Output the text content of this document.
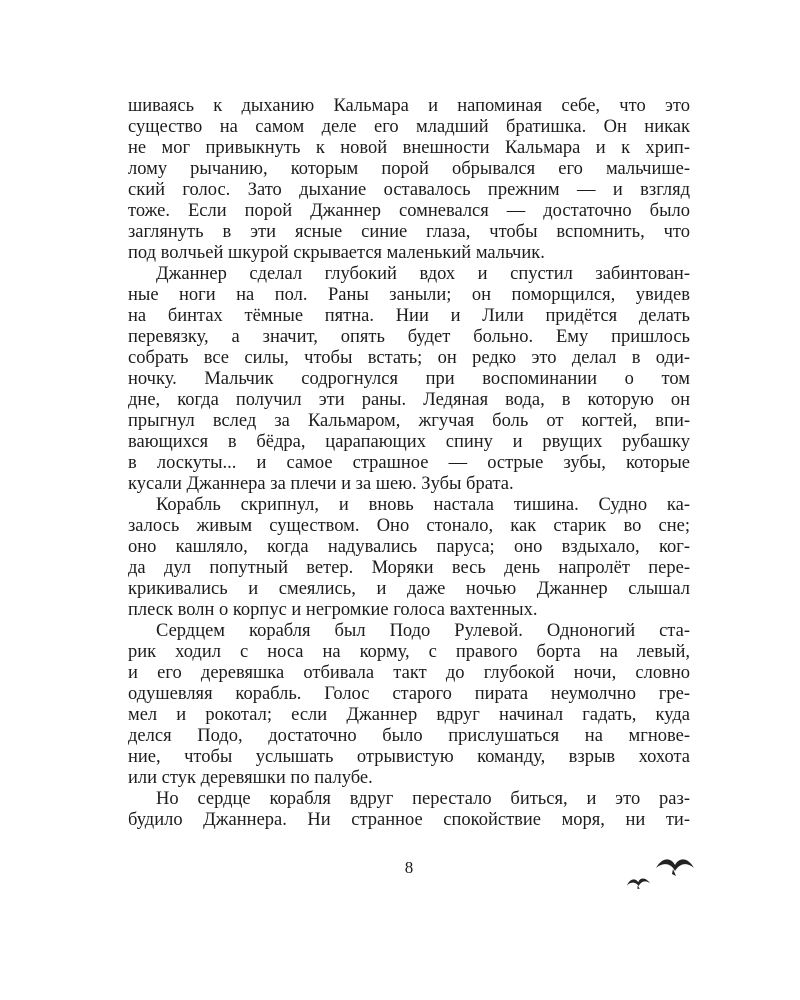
шиваясь к дыханию Кальмара и напоминая себе, что это
существо на самом деле его младший братишка. Он никак
не мог привыкнуть к новой внешности Кальмара и к хрип-
лому рычанию, которым порой обрывался его мальчише-
ский голос. Зато дыхание оставалось прежним — и взгляд
тоже. Если порой Джаннер сомневался — достаточно было
заглянуть в эти ясные синие глаза, чтобы вспомнить, что
под волчьей шкурой скрывается маленький мальчик.
Джаннер сделал глубокий вдох и спустил забинтован-
ные ноги на пол. Раны заныли; он поморщился, увидев
на бинтах тёмные пятна. Нии и Лили придётся делать
перевязку, а значит, опять будет больно. Ему пришлось
собрать все силы, чтобы встать; он редко это делал в оди-
ночку. Мальчик содрогнулся при воспоминании о том
дне, когда получил эти раны. Ледяная вода, в которую он
прыгнул вслед за Кальмаром, жгучая боль от когтей, впи-
вающихся в бёдра, царапающих спину и рвущих рубашку
в лоскуты... и самое страшное — острые зубы, которые
кусали Джаннера за плечи и за шею. Зубы брата.
Корабль скрипнул, и вновь настала тишина. Судно ка-
залось живым существом. Оно стонало, как старик во сне;
оно кашляло, когда надувались паруса; оно вздыхало, ког-
да дул попутный ветер. Моряки весь день напролёт пере-
крикивались и смеялись, и даже ночью Джаннер слышал
плеск волн о корпус и негромкие голоса вахтенных.
Сердцем корабля был Подо Рулевой. Одноногий ста-
рик ходил с носа на корму, с правого борта на левый,
и его деревяшка отбивала такт до глубокой ночи, словно
одушевляя корабль. Голос старого пирата неумолчно гре-
мел и рокотал; если Джаннер вдруг начинал гадать, куда
делся Подо, достаточно было прислушаться на мгнове-
ние, чтобы услышать отрывистую команду, взрыв хохота
или стук деревяшки по палубе.
Но сердце корабля вдруг перестало биться, и это раз-
будило Джаннера. Ни странное спокойствие моря, ни ти-
8
